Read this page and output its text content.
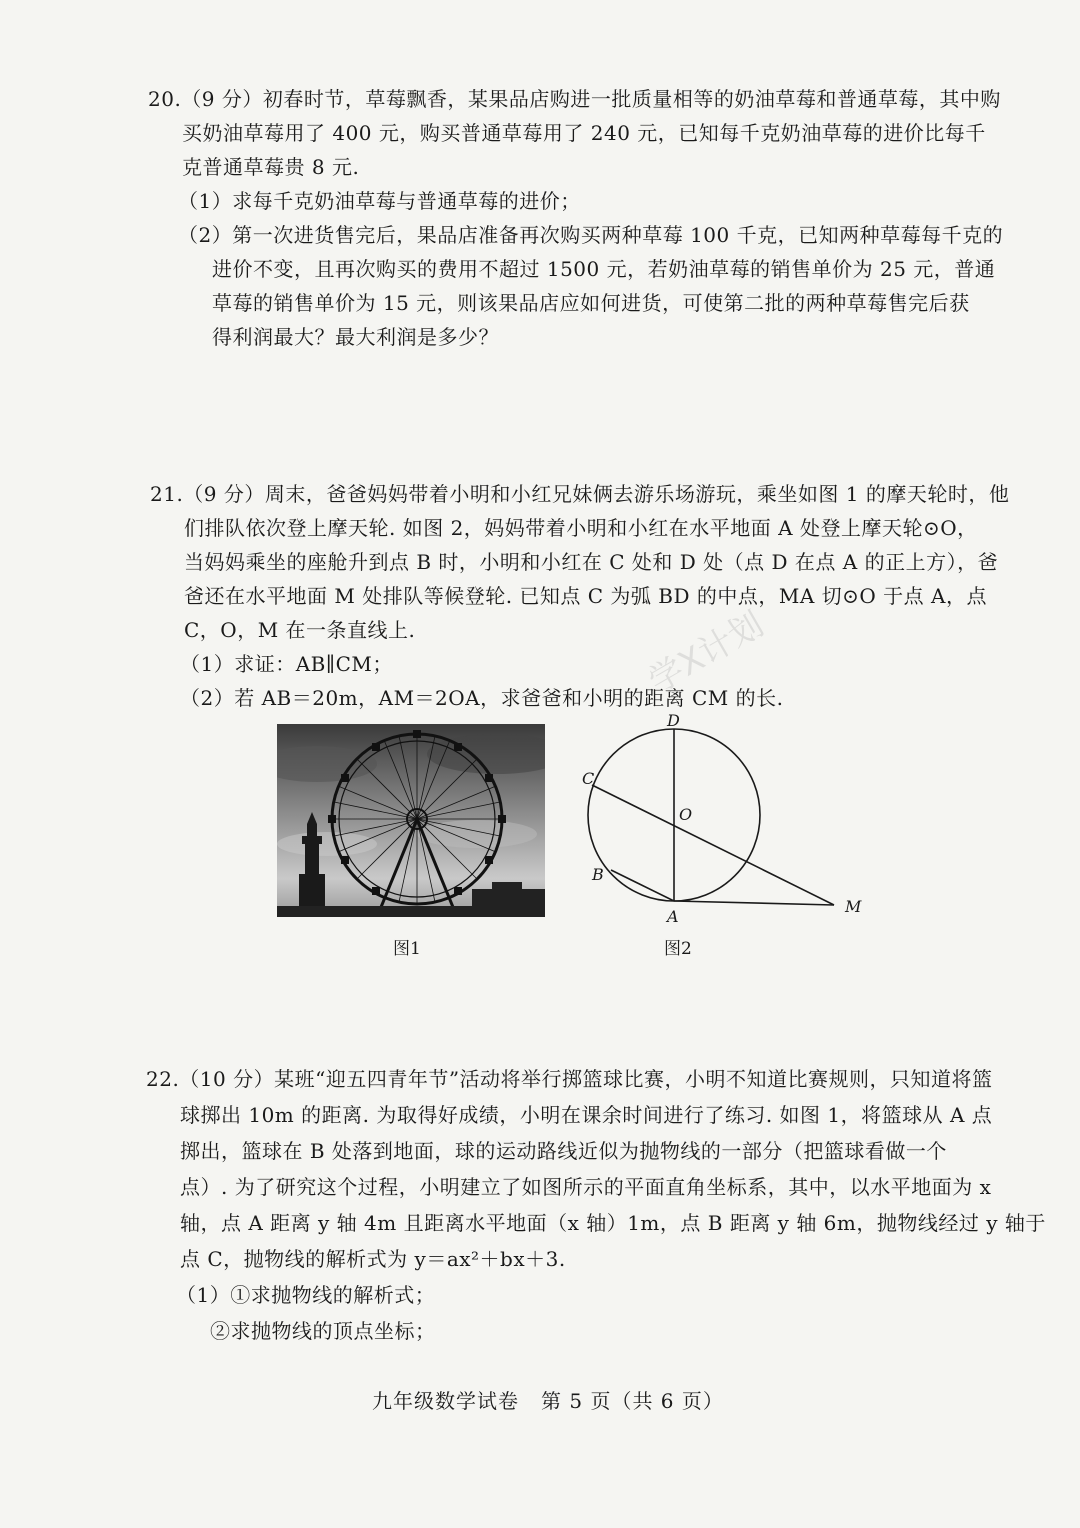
20.（9 分）初春时节，草莓飘香，某果品店购进一批质量相等的奶油草莓和普通草莓，其中购
买奶油草莓用了 400 元，购买普通草莓用了 240 元，已知每千克奶油草莓的进价比每千
克普通草莓贵 8 元.
（1）求每千克奶油草莓与普通草莓的进价；
（2）第一次进货售完后，果品店准备再次购买两种草莓 100 千克，已知两种草莓每千克的
进价不变，且再次购买的费用不超过 1500 元，若奶油草莓的销售单价为 25 元，普通
草莓的销售单价为 15 元，则该果品店应如何进货，可使第二批的两种草莓售完后获
得利润最大？最大利润是多少？
21.（9 分）周末，爸爸妈妈带着小明和小红兄妹俩去游乐场游玩，乘坐如图 1 的摩天轮时，他
们排队依次登上摩天轮. 如图 2，妈妈带着小明和小红在水平地面 A 处登上摩天轮⊙O，
当妈妈乘坐的座舱升到点 B 时，小明和小红在 C 处和 D 处（点 D 在点 A 的正上方），爸
爸还在水平地面 M 处排队等候登轮. 已知点 C 为弧 BD 的中点，MA 切⊙O 于点 A，点
C，O，M 在一条直线上.
（1）求证：AB∥CM；
（2）若 AB＝20m，AM＝2OA，求爸爸和小明的距离 CM 的长.
D
C
O
B
A
M
图1	图2
22.（10 分）某班“迎五四青年节”活动将举行掷篮球比赛，小明不知道比赛规则，只知道将篮
球掷出 10m 的距离. 为取得好成绩，小明在课余时间进行了练习. 如图 1，将篮球从 A 点
掷出，篮球在 B 处落到地面，球的运动路线近似为抛物线的一部分（把篮球看做一个
点）. 为了研究这个过程，小明建立了如图所示的平面直角坐标系，其中，以水平地面为 x
轴，点 A 距离 y 轴 4m 且距离水平地面（x 轴）1m，点 B 距离 y 轴 6m，抛物线经过 y 轴于
点 C，抛物线的解析式为 y＝ax²＋bx＋3.
（1）①求抛物线的解析式；
②求抛物线的顶点坐标；
九年级数学试卷 第 5 页（共 6 页）
学X计划
